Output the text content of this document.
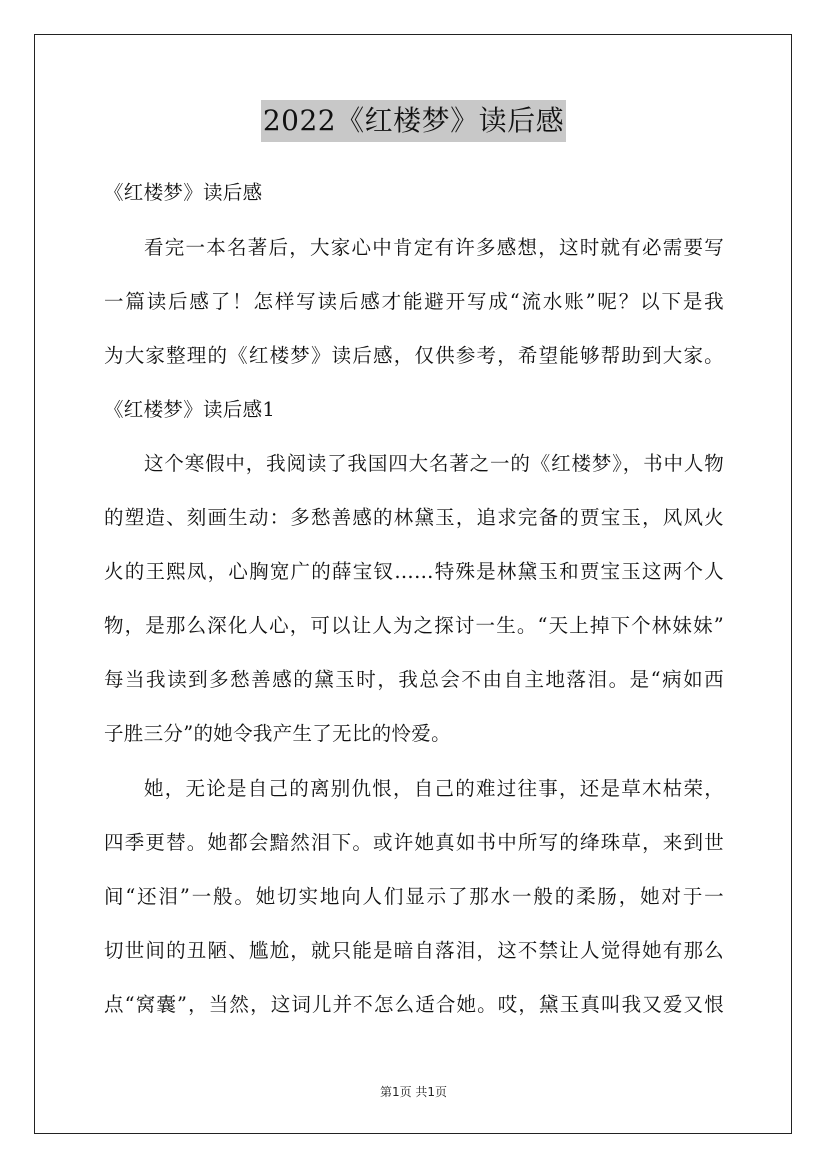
2022《红楼梦》读后感
《红楼梦》读后感
看完一本名著后，大家心中肯定有许多感想，这时就有必需要写
一篇读后感了！怎样写读后感才能避开写成“流水账”呢？以下是我
为大家整理的《红楼梦》读后感，仅供参考，希望能够帮助到大家。
《红楼梦》读后感1
这个寒假中，我阅读了我国四大名著之一的《红楼梦》，书中人物
的塑造、刻画生动：多愁善感的林黛玉，追求完备的贾宝玉，风风火
火的王熙凤，心胸宽广的薛宝钗……特殊是林黛玉和贾宝玉这两个人
物，是那么深化人心，可以让人为之探讨一生。“天上掉下个林妹妹”
每当我读到多愁善感的黛玉时，我总会不由自主地落泪。是“病如西
子胜三分”的她令我产生了无比的怜爱。
她，无论是自己的离别仇恨，自己的难过往事，还是草木枯荣，
四季更替。她都会黯然泪下。或许她真如书中所写的绛珠草，来到世
间“还泪”一般。她切实地向人们显示了那水一般的柔肠，她对于一
切世间的丑陋、尴尬，就只能是暗自落泪，这不禁让人觉得她有那么
点“窝囊”，当然，这词儿并不怎么适合她。哎，黛玉真叫我又爱又恨
第1页 共1页
